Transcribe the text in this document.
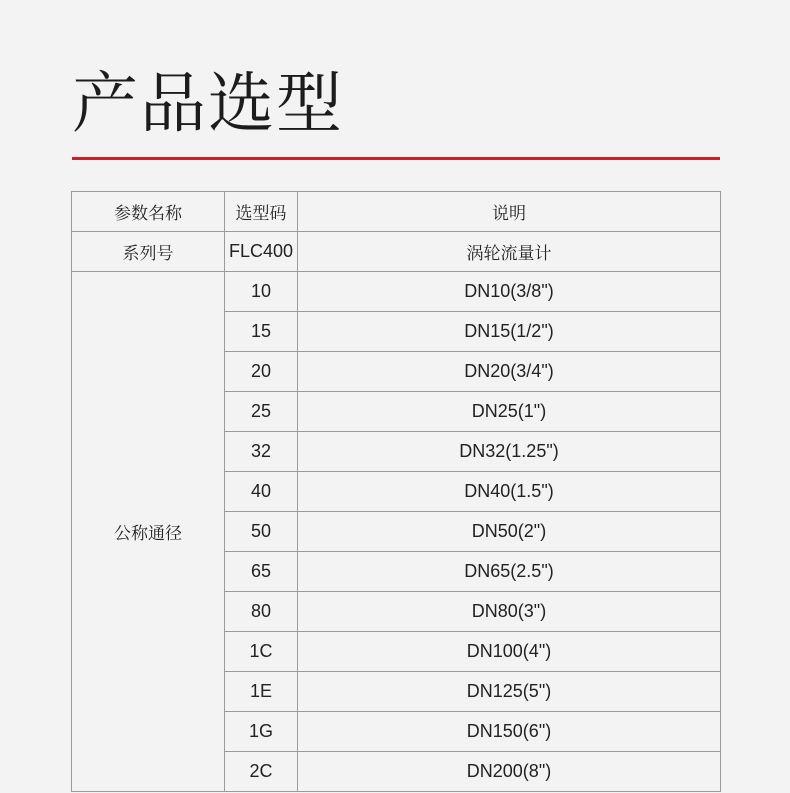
产品选型
参数名称	选型码	说明
系列号	FLC400	涡轮流量计
公称通径	10	DN10(3/8")
	15	DN15(1/2")
	20	DN20(3/4")
	25	DN25(1")
	32	DN32(1.25")
	40	DN40(1.5")
	50	DN50(2")
	65	DN65(2.5")
	80	DN80(3")
	1C	DN100(4")
	1E	DN125(5")
	1G	DN150(6")
	2C	DN200(8")
